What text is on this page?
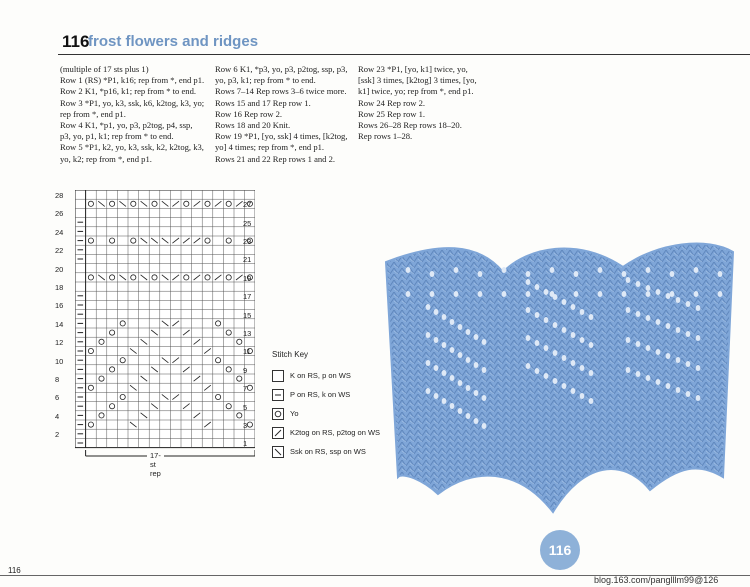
116
frost flowers and ridges
(multiple of 17 sts plus 1)
Row 1 (RS) *P1, k16; rep from *, end p1.
Row 2 K1, *p16, k1; rep from * to end.
Row 3 *P1, yo, k3, ssk, k6, k2tog, k3, yo;
rep from *, end p1.
Row 4 K1, *p1, yo, p3, p2tog, p4, ssp,
p3, yo, p1, k1; rep from * to end.
Row 5 *P1, k2, yo, k3, ssk, k2, k2tog, k3,
yo, k2; rep from *, end p1.
Row 6 K1, *p3, yo, p3, p2tog, ssp, p3,
yo, p3, k1; rep from * to end.
Rows 7–14 Rep rows 3–6 twice more.
Rows 15 and 17 Rep row 1.
Row 16 Rep row 2.
Rows 18 and 20 Knit.
Row 19 *P1, [yo, ssk] 4 times, [k2tog,
yo] 4 times; rep from *, end p1.
Rows 21 and 22 Rep rows 1 and 2.
Row 23 *P1, [yo, k1] twice, yo,
[ssk] 3 times, [k2tog] 3 times, [yo,
k1] twice, yo; rep from *, end p1.
Row 24 Rep row 2.
Row 25 Rep row 1.
Rows 26–28 Rep rows 18–20.
Rep rows 1–28.
28
26
24
22
20
18
16
14
12
10
8
6
4
2
27
25
23
21
19
17
15
13
11
9
7
5
3
1
17-st rep
Stitch Key
K on RS, p on WS
P on RS, k on WS
Yo
K2tog on RS, p2tog on WS
Ssk on RS, ssp on WS
116
116
blog.163.com/panglllm99@126
